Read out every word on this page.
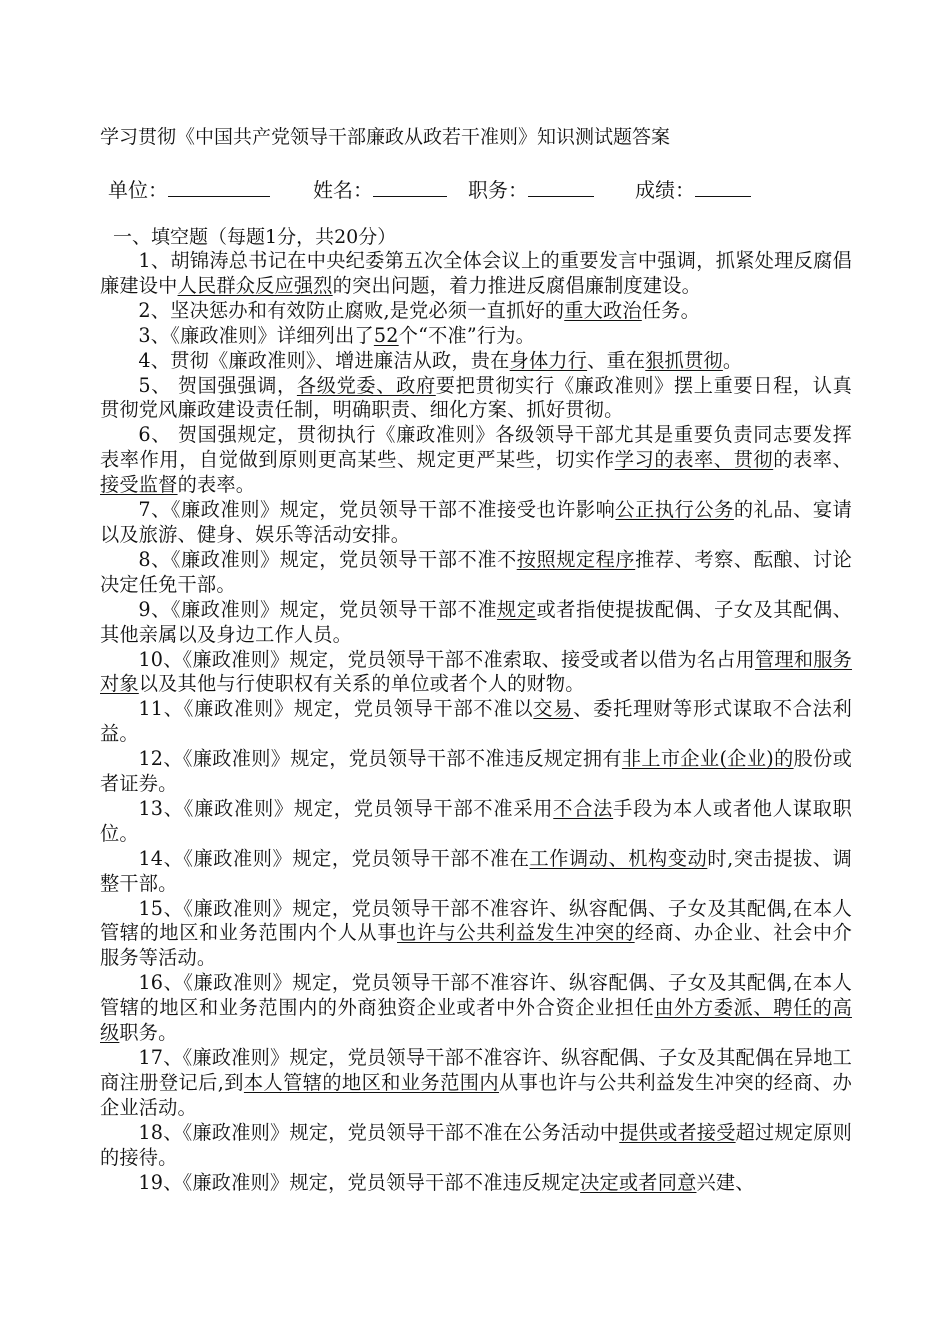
学习贯彻《中国共产党领导干部廉政从政若干准则》知识测试题答案
单位：	姓名：	职务：	成绩：
一、填空题（每题1分，共20分）

1、胡锦涛总书记在中央纪委第五次全体会议上的重要发言中强调，抓紧处理反腐倡廉建设中人民群众反应强烈的突出问题，着力推进反腐倡廉制度建设。

2、坚决惩办和有效防止腐败,是党必须一直抓好的重大政治任务。

3、《廉政准则》详细列出了52个“不准”行为。

4、贯彻《廉政准则》、增进廉洁从政，贵在身体力行、重在狠抓贯彻。

5、 贺国强强调，各级党委、政府要把贯彻实行《廉政准则》摆上重要日程，认真贯彻党风廉政建设责任制，明确职责、细化方案、抓好贯彻。

6、 贺国强规定，贯彻执行《廉政准则》各级领导干部尤其是重要负责同志要发挥表率作用，自觉做到原则更高某些、规定更严某些，切实作学习的表率、贯彻的表率、接受监督的表率。

7、《廉政准则》规定，党员领导干部不准接受也许影响公正执行公务的礼品、宴请以及旅游、健身、娱乐等活动安排。

8、《廉政准则》规定，党员领导干部不准不按照规定程序推荐、考察、酝酿、讨论决定任免干部。

9、《廉政准则》规定，党员领导干部不准规定或者指使提拔配偶、子女及其配偶、其他亲属以及身边工作人员。

10、《廉政准则》规定，党员领导干部不准索取、接受或者以借为名占用管理和服务对象以及其他与行使职权有关系的单位或者个人的财物。

11、《廉政准则》规定，党员领导干部不准以交易、委托理财等形式谋取不合法利益。

12、《廉政准则》规定，党员领导干部不准违反规定拥有非上市企业(企业)的股份或者证券。

13、《廉政准则》规定，党员领导干部不准采用不合法手段为本人或者他人谋取职位。

14、《廉政准则》规定，党员领导干部不准在工作调动、机构变动时,突击提拔、调整干部。

15、《廉政准则》规定，党员领导干部不准容许、纵容配偶、子女及其配偶,在本人管辖的地区和业务范围内个人从事也许与公共利益发生冲突的经商、办企业、社会中介服务等活动。

16、《廉政准则》规定，党员领导干部不准容许、纵容配偶、子女及其配偶,在本人管辖的地区和业务范围内的外商独资企业或者中外合资企业担任由外方委派、聘任的高级职务。

17、《廉政准则》规定，党员领导干部不准容许、纵容配偶、子女及其配偶在异地工商注册登记后,到本人管辖的地区和业务范围内从事也许与公共利益发生冲突的经商、办企业活动。

18、《廉政准则》规定，党员领导干部不准在公务活动中提供或者接受超过规定原则的接待。

19、《廉政准则》规定，党员领导干部不准违反规定决定或者同意兴建、
